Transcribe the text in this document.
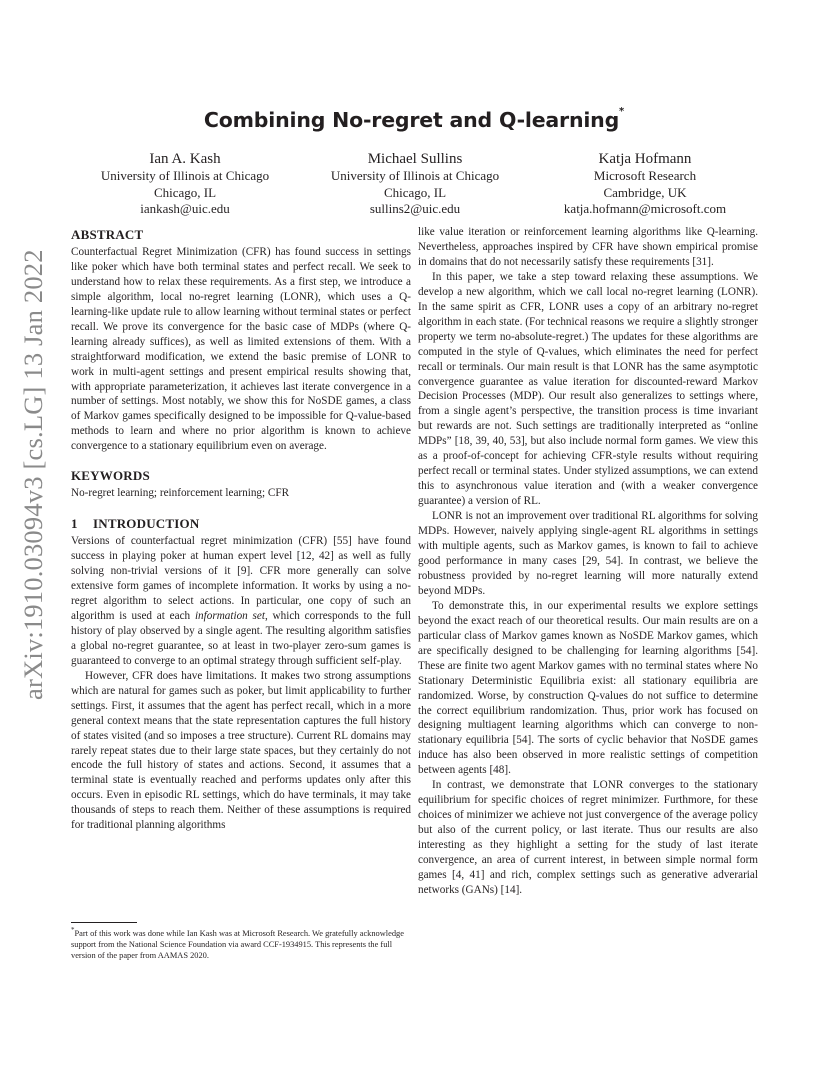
arXiv:1910.03094v3 [cs.LG] 13 Jan 2022
Combining No-regret and Q-learning*
Ian A. Kash
University of Illinois at Chicago
Chicago, IL
iankash@uic.edu
Michael Sullins
University of Illinois at Chicago
Chicago, IL
sullins2@uic.edu
Katja Hofmann
Microsoft Research
Cambridge, UK
katja.hofmann@microsoft.com
ABSTRACT

Counterfactual Regret Minimization (CFR) has found success in settings like poker which have both terminal states and perfect recall. We seek to understand how to relax these requirements. As a first step, we introduce a simple algorithm, local no-regret learning (LONR), which uses a Q-learning-like update rule to allow learning without terminal states or perfect recall. We prove its convergence for the basic case of MDPs (where Q-learning already suffices), as well as limited extensions of them. With a straightforward modification, we extend the basic premise of LONR to work in multi-agent settings and present empirical results showing that, with appropriate parameterization, it achieves last iterate convergence in a number of settings. Most notably, we show this for NoSDE games, a class of Markov games specifically designed to be impossible for Q-value-based methods to learn and where no prior algorithm is known to achieve convergence to a stationary equilibrium even on average.

KEYWORDS

No-regret learning; reinforcement learning; CFR

1 INTRODUCTION

Versions of counterfactual regret minimization (CFR) [55] have found success in playing poker at human expert level [12, 42] as well as fully solving non-trivial versions of it [9]. CFR more generally can solve extensive form games of incomplete information. It works by using a no-regret algorithm to select actions. In particular, one copy of such an algorithm is used at each information set, which corresponds to the full history of play observed by a single agent. The resulting algorithm satisfies a global no-regret guarantee, so at least in two-player zero-sum games is guaranteed to converge to an optimal strategy through sufficient self-play.

However, CFR does have limitations. It makes two strong assumptions which are natural for games such as poker, but limit applicability to further settings. First, it assumes that the agent has perfect recall, which in a more general context means that the state representation captures the full history of states visited (and so imposes a tree structure). Current RL domains may rarely repeat states due to their large state spaces, but they certainly do not encode the full history of states and actions. Second, it assumes that a terminal state is eventually reached and performs updates only after this occurs. Even in episodic RL settings, which do have terminals, it may take thousands of steps to reach them. Neither of these assumptions is required for traditional planning algorithms

*Part of this work was done while Ian Kash was at Microsoft Research. We gratefully acknowledge support from the National Science Foundation via award CCF-1934915. This represents the full version of the paper from AAMAS 2020.

like value iteration or reinforcement learning algorithms like Q-learning. Nevertheless, approaches inspired by CFR have shown empirical promise in domains that do not necessarily satisfy these requirements [31].

In this paper, we take a step toward relaxing these assumptions. We develop a new algorithm, which we call local no-regret learning (LONR). In the same spirit as CFR, LONR uses a copy of an arbitrary no-regret algorithm in each state. (For technical reasons we require a slightly stronger property we term no-absolute-regret.) The updates for these algorithms are computed in the style of Q-values, which eliminates the need for perfect recall or terminals. Our main result is that LONR has the same asymptotic convergence guarantee as value iteration for discounted-reward Markov Decision Processes (MDP). Our result also generalizes to settings where, from a single agent’s perspective, the transition process is time invariant but rewards are not. Such settings are traditionally interpreted as “online MDPs” [18, 39, 40, 53], but also include normal form games. We view this as a proof-of-concept for achieving CFR-style results without requiring perfect recall or terminal states. Under stylized assumptions, we can extend this to asynchronous value iteration and (with a weaker convergence guarantee) a version of RL.

LONR is not an improvement over traditional RL algorithms for solving MDPs. However, naively applying single-agent RL algorithms in settings with multiple agents, such as Markov games, is known to fail to achieve good performance in many cases [29, 54]. In contrast, we believe the robustness provided by no-regret learning will more naturally extend beyond MDPs.

To demonstrate this, in our experimental results we explore settings beyond the exact reach of our theoretical results. Our main results are on a particular class of Markov games known as NoSDE Markov games, which are specifically designed to be challenging for learning algorithms [54]. These are finite two agent Markov games with no terminal states where No Stationary Deterministic Equilibria exist: all stationary equilibria are randomized. Worse, by construction Q-values do not suffice to determine the correct equilibrium randomization. Thus, prior work has focused on designing multiagent learning algorithms which can converge to non-stationary equilibria [54]. The sorts of cyclic behavior that NoSDE games induce has also been observed in more realistic settings of competition between agents [48].

In contrast, we demonstrate that LONR converges to the stationary equilibrium for specific choices of regret minimizer. Furthmore, for these choices of minimizer we achieve not just convergence of the average policy but also of the current policy, or last iterate. Thus our results are also interesting as they highlight a setting for the study of last iterate convergence, an area of current interest, in between simple normal form games [4, 41] and rich, complex settings such as generative adverarial networks (GANs) [14].
